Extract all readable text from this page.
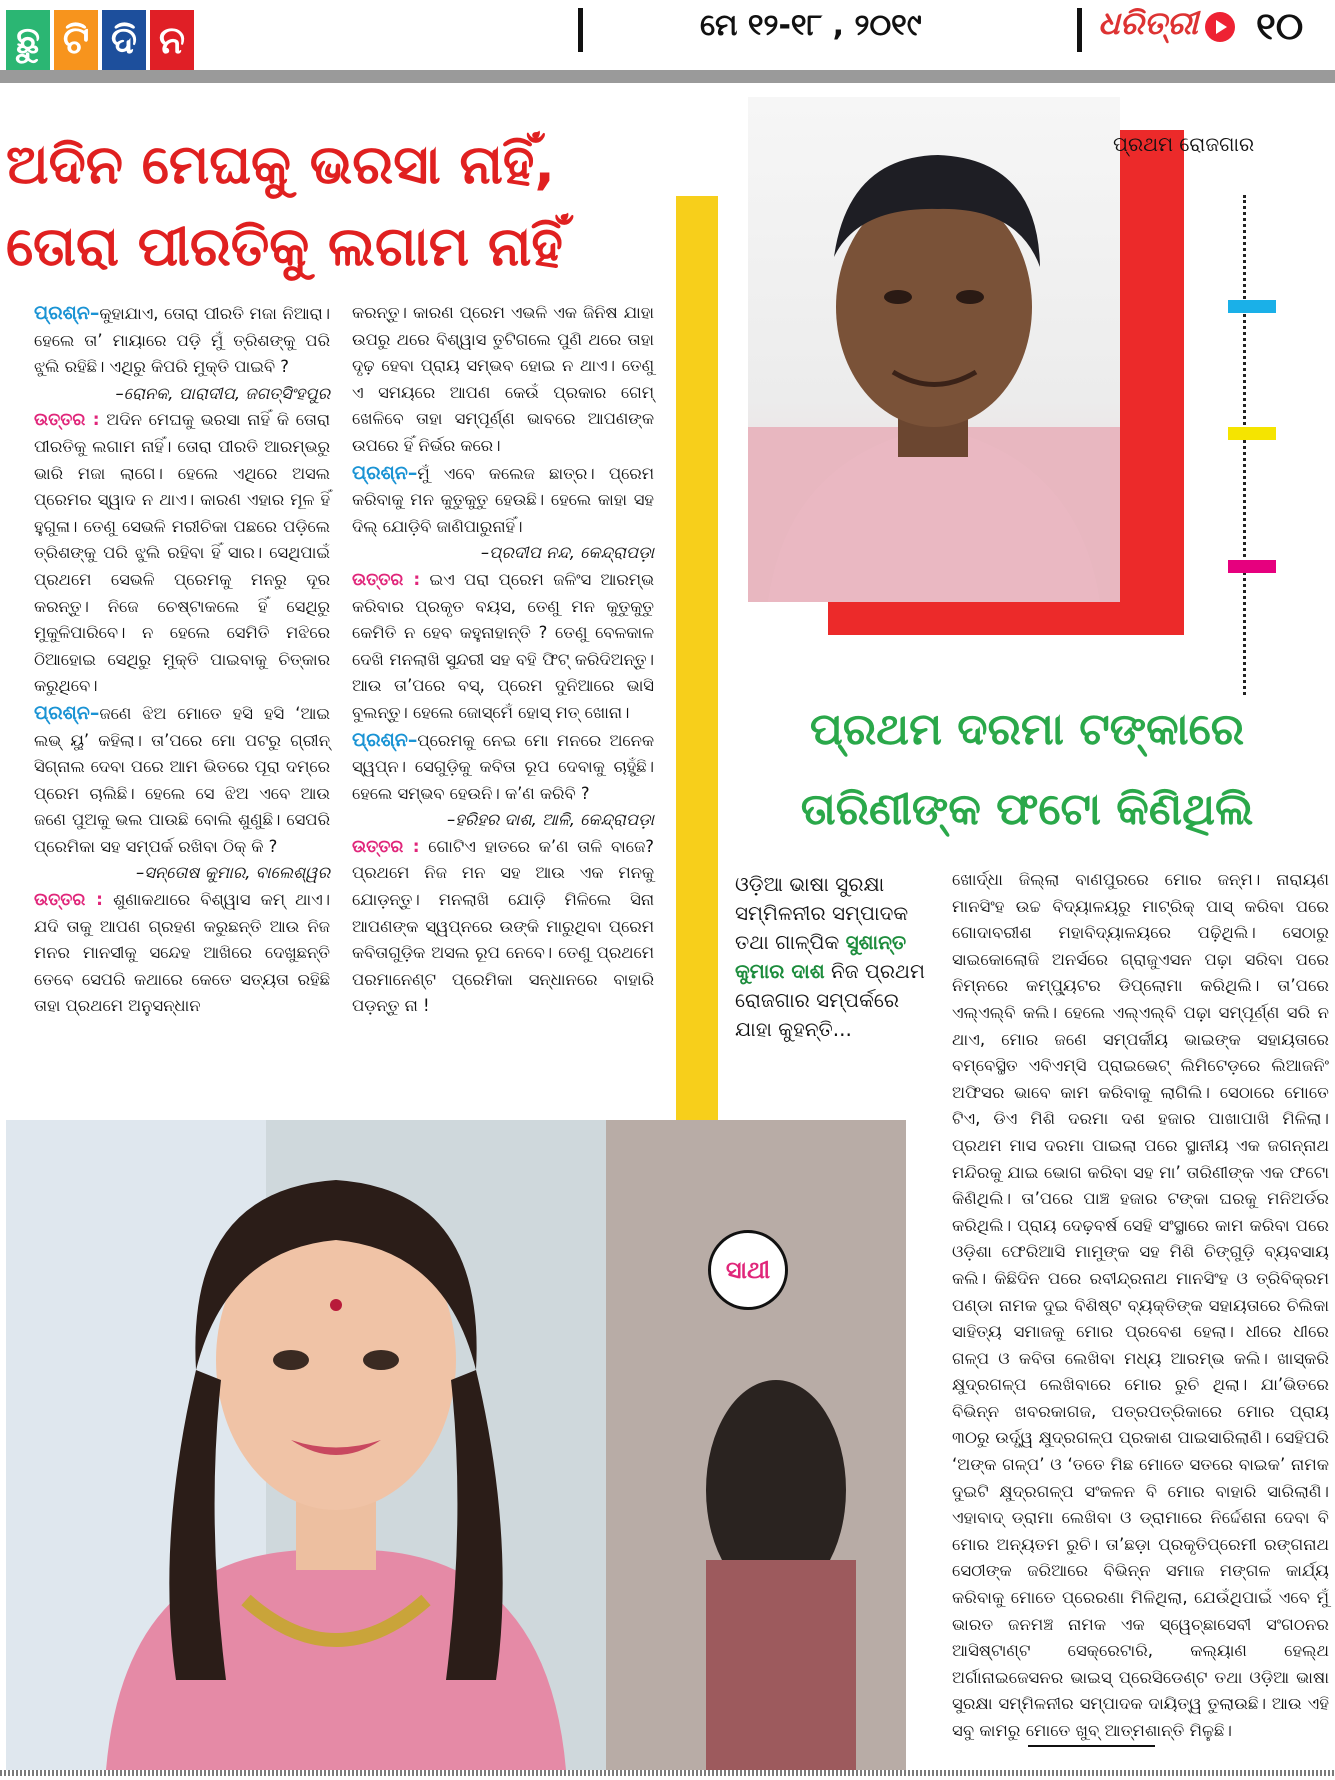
ଛୁ ଟି ଦି ନ	ମେ ୧୨-୧୮ , ୨୦୧୯	ଧରିତ୍ରୀ ୧୦
ଅଦିନ ମେଘକୁ ଭରସା ନାହିଁ,
ତୋରା ପୀରତିକୁ ଲଗାମ ନାହିଁ

ପ୍ରଶ୍ନ–କୁହାଯାଏ, ତୋରା ପୀରତି ମଜା ନିଆରା। ହେଲେ ତା’ ମାୟାରେ ପଡ଼ି ମୁଁ ତ୍ରିଶଙ୍କୁ ପରି ଝୁଲି ରହିଛି। ଏଥିରୁ କିପରି ମୁକ୍ତି ପାଇବି ?

–ରୋନକ, ପାରାଦୀପ, ଜଗତ୍‌ସିଂହପୁର

ଉତ୍ତର : ଅଦିନ ମେଘକୁ ଭରସା ନାହିଁ କି ତୋରା ପୀରତିକୁ ଲଗାମ ନାହିଁ। ତୋରା ପୀରତି ଆରମ୍ଭରୁ ଭାରି ମଜା ଲାଗେ। ହେଲେ ଏଥିରେ ଅସଲ ପ୍ରେମର ସ୍ୱାଦ ନ ଥାଏ। କାରଣ ଏହାର ମୂଳ ହିଁ ହୁଗୁଳା। ତେଣୁ ସେଭଳି ମରୀଚିକା ପଛରେ ପଡ଼ିଲେ ତ୍ରିଶଙ୍କୁ ପରି ଝୁଲି ରହିବା ହିଁ ସାର। ସେଥିପାଇଁ ପ୍ରଥମେ ସେଭଳି ପ୍ରେମକୁ ମନରୁ ଦୂର କରନ୍ତୁ। ନିଜେ ଚେଷ୍ଟାକଲେ ହିଁ ସେଥିରୁ ମୁକୁଳିପାରିବେ। ନ ହେଲେ ସେମିତି ମଝିରେ ଠିଆହୋଇ ସେଥିରୁ ମୁକ୍ତି ପାଇବାକୁ ଚିତ୍କାର କରୁଥିବେ।

ପ୍ରଶ୍ନ–ଜଣେ ଝିଅ ମୋତେ ହସି ହସି ‘ଆଇ ଲଭ୍ ୟୁ’ କହିଲା। ତା’ପରେ ମୋ ପଟରୁ ଗ୍ରୀନ୍ ସିଗ୍‌ନାଲ ଦେବା ପରେ ଆମ ଭିତରେ ପୂରା ଦମ୍‌ରେ ପ୍ରେମ ଚାଲିଛି। ହେଲେ ସେ ଝିଅ ଏବେ ଆଉ ଜଣେ ପୁଅକୁ ଭଲ ପାଉଛି ବୋଲି ଶୁଣୁଛି। ସେପରି ପ୍ରେମିକା ସହ ସମ୍ପର୍କ ରଖିବା ଠିକ୍ କି ?

–ସନ୍ତୋଷ କୁମାର, ବାଲେଶ୍ୱର

ଉତ୍ତର : ଶୁଣାକଥାରେ ବିଶ୍ୱାସ କମ୍ ଥାଏ। ଯଦି ତାକୁ ଆପଣ ଗ୍ରହଣ କରୁଛନ୍ତି ଆଉ ନିଜ ମନର ମାନସୀକୁ ସନ୍ଦେହ ଆଖିରେ ଦେଖୁଛନ୍ତି ତେବେ ସେପରି କଥାରେ କେତେ ସତ୍ୟତା ରହିଛି ତାହା ପ୍ରଥମେ ଅନୁସନ୍ଧାନ

କରନ୍ତୁ। କାରଣ ପ୍ରେମ ଏଭଳି ଏକ ଜିନିଷ ଯାହା ଉପରୁ ଥରେ ବିଶ୍ୱାସ ତୁଟିଗଲେ ପୁଣି ଥରେ ତାହା ଦୃଢ଼ ହେବା ପ୍ରାୟ ସମ୍ଭବ ହୋଇ ନ ଥାଏ। ତେଣୁ ଏ ସମୟରେ ଆପଣ କେଉଁ ପ୍ରକାର ଗେମ୍ ଖେଳିବେ ତାହା ସମ୍ପୂର୍ଣ୍ଣ ଭାବରେ ଆପଣଙ୍କ ଉପରେ ହିଁ ନିର୍ଭର କରେ।

ପ୍ରଶ୍ନ–ମୁଁ ଏବେ କଲେଜ ଛାତ୍ର। ପ୍ରେମ କରିବାକୁ ମନ କୁତୁକୁତୁ ହେଉଛି। ହେଲେ କାହା ସହ ଦିଲ୍ ଯୋଡ଼ିବି ଜାଣିପାରୁନାହିଁ।

–ପ୍ରଦୀପ ନନ୍ଦ, କେନ୍ଦ୍ରାପଡ଼ା

ଉତ୍ତର : ଇଏ ପରା ପ୍ରେମ ଜଳିଂସ ଆରମ୍ଭ କରିବାର ପ୍ରକୃତ ବୟସ, ତେଣୁ ମନ କୁତୁକୁତୁ କେମିତି ନ ହେବ କହୁନାହାନ୍ତି ? ତେଣୁ ବେଳକାଳ ଦେଖି ମନଲାଖି ସୁନ୍ଦରୀ ସହ ବହି ଫିଟ୍ କରିଦିଅନ୍ତୁ। ଆଉ ତା’ପରେ ବସ୍, ପ୍ରେମ ଦୁନିଆରେ ଭାସି ବୁଲନ୍ତୁ। ହେଲେ ଜୋସ୍‌ମେଁ ହୋସ୍ ମତ୍ ଖୋନା।

ପ୍ରଶ୍ନ–ପ୍ରେମକୁ ନେଇ ମୋ ମନରେ ଅନେକ ସ୍ୱପ୍ନ। ସେଗୁଡ଼ିକୁ କବିତା ରୂପ ଦେବାକୁ ଚାହୁଁଛି। ହେଲେ ସମ୍ଭବ ହେଉନି। କ’ଣ କରିବି ?

–ହରିହର ଦାଶ, ଆଳି, କେନ୍ଦ୍ରାପଡ଼ା

ଉତ୍ତର : ଗୋଟିଏ ହାତରେ କ’ଣ ତାଳି ବାଜେ? ପ୍ରଥମେ ନିଜ ମନ ସହ ଆଉ ଏକ ମନକୁ ଯୋଡ଼ନ୍ତୁ। ମନଲାଖି ଯୋଡ଼ି ମିଳିଲେ ସିନା ଆପଣଙ୍କ ସ୍ୱପ୍ନରେ ଉଙ୍କି ମାରୁଥିବା ପ୍ରେମ କବିତାଗୁଡ଼ିକ ଅସଲ ରୂପ ନେବେ। ତେଣୁ ପ୍ରଥମେ ପରମାନେଣ୍ଟ ପ୍ରେମିକା ସନ୍ଧାନରେ ବାହାରି ପଡ଼ନ୍ତୁ ନା !

ପ୍ରଥମ ରୋଜଗାର
ପ୍ରଥମ ଦରମା ଟଙ୍କାରେ
ତାରିଣୀଙ୍କ ଫଟୋ କିଣିଥିଲି
ଓଡ଼ିଆ ଭାଷା ସୁରକ୍ଷା ସମ୍ମିଳନୀର ସମ୍ପାଦକ ତଥା ଗାଳ୍ପିକ ସୁଶାନ୍ତ କୁମାର ଦାଶ ନିଜ ପ୍ରଥମ ରୋଜଗାର ସମ୍ପର୍କରେ ଯାହା କୁହନ୍ତି...
ଖୋର୍ଦ୍ଧା ଜିଲ୍ଲା ବାଣପୁରରେ ମୋର ଜନ୍ମ। ନାରାୟଣ ମାନସିଂହ ଉଚ୍ଚ ବିଦ୍ୟାଳୟରୁ ମାଟ୍ରିକ୍ ପାସ୍ କରିବା ପରେ ଗୋଦାବରୀଶ ମହାବିଦ୍ୟାଳୟରେ ପଢ଼ିଥିଲି। ସେଠାରୁ ସାଇକୋଲୋଜି ଅନର୍ସରେ ଗ୍ରାଜୁଏସନ ପଢ଼ା ସରିବା ପରେ ନିମ୍ନରେ କମ୍ପ୍ୟୁଟର ଡିପ୍ଲୋମା କରିଥିଲି। ତା’ପରେ ଏଲ୍‌ଏଲ୍‌ବି କଲି। ହେଲେ ଏଲ୍‌ଏଲ୍‌ବି ପଢ଼ା ସମ୍ପୂର୍ଣ୍ଣ ସରି ନ ଥାଏ, ମୋର ଜଣେ ସମ୍ପର୍କୀୟ ଭାଇଙ୍କ ସହାୟତାରେ ବମ୍ବେସ୍ଥିତ ଏବିଏମ୍‌ସି ପ୍ରାଇଭେଟ୍ ଲିମିଟେଡ଼ରେ ଲିଆଜନିଂ ଅଫିସର ଭାବେ କାମ କରିବାକୁ ଲାଗିଲି। ସେଠାରେ ମୋତେ ଟିଏ, ଡିଏ ମିଶି ଦରମା ଦଶ ହଜାର ପାଖାପାଖି ମିଳିଲା। ପ୍ରଥମ ମାସ ଦରମା ପାଇଲା ପରେ ସ୍ଥାନୀୟ ଏକ ଜଗନ୍ନାଥ ମନ୍ଦିରକୁ ଯାଇ ଭୋଗ କରିବା ସହ ମା’ ତାରିଣୀଙ୍କ ଏକ ଫଟୋ କିଣିଥିଲି। ତା’ପରେ ପାଞ୍ଚ ହଜାର ଟଙ୍କା ଘରକୁ ମନିଅର୍ଡର କରିଥିଲି। ପ୍ରାୟ ଦେଢ଼ବର୍ଷ ସେହି ସଂସ୍ଥାରେ କାମ କରିବା ପରେ ଓଡ଼ିଶା ଫେରିଆସି ମାମୁଙ୍କ ସହ ମିଶି ଚିଙ୍ଗୁଡ଼ି ବ୍ୟବସାୟ କଲି। କିଛିଦିନ ପରେ ରବୀନ୍ଦ୍ରନାଥ ମାନସିଂହ ଓ ତ୍ରିବିକ୍ରମ ପଣ୍ଡା ନାମକ ଦୁଇ ବିଶିଷ୍ଟ ବ୍ୟକ୍ତିଙ୍କ ସହାୟତାରେ ଚିଲିକା ସାହିତ୍ୟ ସମାଜକୁ ମୋର ପ୍ରବେଶ ହେଲା। ଧୀରେ ଧୀରେ ଗଳ୍ପ ଓ କବିତା ଲେଖିବା ମଧ୍ୟ ଆରମ୍ଭ କଲି। ଖାସ୍‌କରି କ୍ଷୁଦ୍ରଗଳ୍ପ ଲେଖିବାରେ ମୋର ରୁଚି ଥିଲା। ଯା’ଭିତରେ ବିଭିନ୍ନ ଖବରକାଗଜ, ପତ୍ରପତ୍ରିକାରେ ମୋର ପ୍ରାୟ ୩୦ରୁ ଉର୍ଦ୍ଧ୍ୱ କ୍ଷୁଦ୍ରଗଳ୍ପ ପ୍ରକାଶ ପାଇସାରିଲାଣି। ସେହିପରି ‘ଅଙ୍କ ଗଳ୍ପ’ ଓ ‘ତତେ ମିଛ ମୋତେ ସତରେ ବାଇକ’ ନାମକ ଦୁଇଟି କ୍ଷୁଦ୍ରଗଳ୍ପ ସଂକଳନ ବି ମୋର ବାହାରି ସାରିଲାଣି। ଏହାବାଦ୍ ଡ୍ରାମା ଲେଖିବା ଓ ଡ୍ରାମାରେ ନିର୍ଦ୍ଦେଶନା ଦେବା ବି ମୋର ଅନ୍ୟତମ ରୁଚି। ତା’ଛଡ଼ା ପ୍ରକୃତିପ୍ରେମୀ ରଙ୍ଗନାଥ ସେଠୀଙ୍କ ଜରିଆରେ ବିଭିନ୍ନ ସମାଜ ମଙ୍ଗଳ କାର୍ଯ୍ୟ କରିବାକୁ ମୋତେ ପ୍ରେରଣା ମିଳିଥିଲା, ଯେଉଁଥିପାଇଁ ଏବେ ମୁଁ ଭାରତ ଜନମଞ୍ଚ ନାମକ ଏକ ସ୍ୱେଚ୍ଛାସେବୀ ସଂଗଠନର ଆସିଷ୍ଟାଣ୍ଟ ସେକ୍ରେଟାରି, କଲ୍ୟାଣ ହେଲ୍‌ଥ ଅର୍ଗାନାଇଜେସନର ଭାଇସ୍ ପ୍ରେସିଡେଣ୍ଟ ତଥା ଓଡ଼ିଆ ଭାଷା ସୁରକ୍ଷା ସମ୍ମିଳନୀର ସମ୍ପାଦକ ଦାୟିତ୍ୱ ତୁଲାଉଛି। ଆଉ ଏହି ସବୁ କାମରୁ ମୋତେ ଖୁବ୍ ଆତ୍ମଶାନ୍ତି ମିଳୁଛି।
ସାଥୀ
